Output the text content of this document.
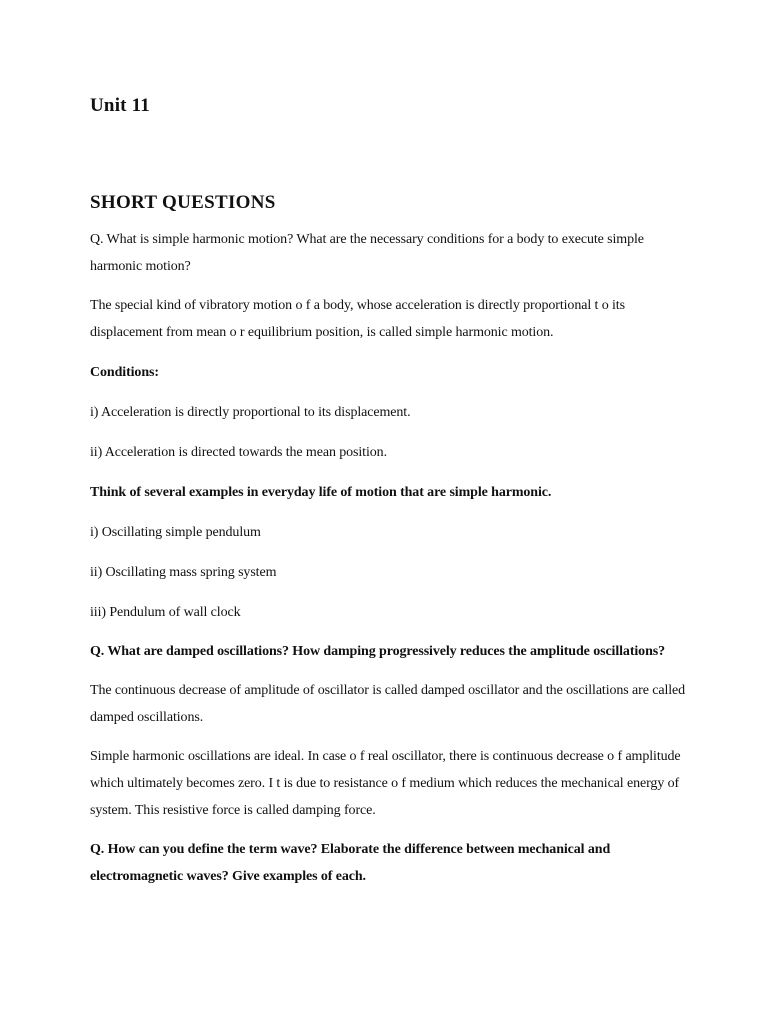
Unit 11
SHORT QUESTIONS

Q. What is simple harmonic motion? What are the necessary conditions for a body to execute simple harmonic motion?

The special kind of vibratory motion o f a body, whose acceleration is directly proportional t o its displacement from mean o r equilibrium position, is called simple harmonic motion.

Conditions:

i) Acceleration is directly proportional to its displacement.

ii) Acceleration is directed towards the mean position.

Think of several examples in everyday life of motion that are simple harmonic.

i) Oscillating simple pendulum

ii) Oscillating mass spring system

iii) Pendulum of wall clock

Q. What are damped oscillations? How damping progressively reduces the amplitude oscillations?

The continuous decrease of amplitude of oscillator is called damped oscillator and the oscillations are called damped oscillations.

Simple harmonic oscillations are ideal. In case o f real oscillator, there is continuous decrease o f amplitude which ultimately becomes zero. I t is due to resistance o f medium which reduces the mechanical energy of system. This resistive force is called damping force.

Q. How can you define the term wave? Elaborate the difference between mechanical and electromagnetic waves? Give examples of each.
